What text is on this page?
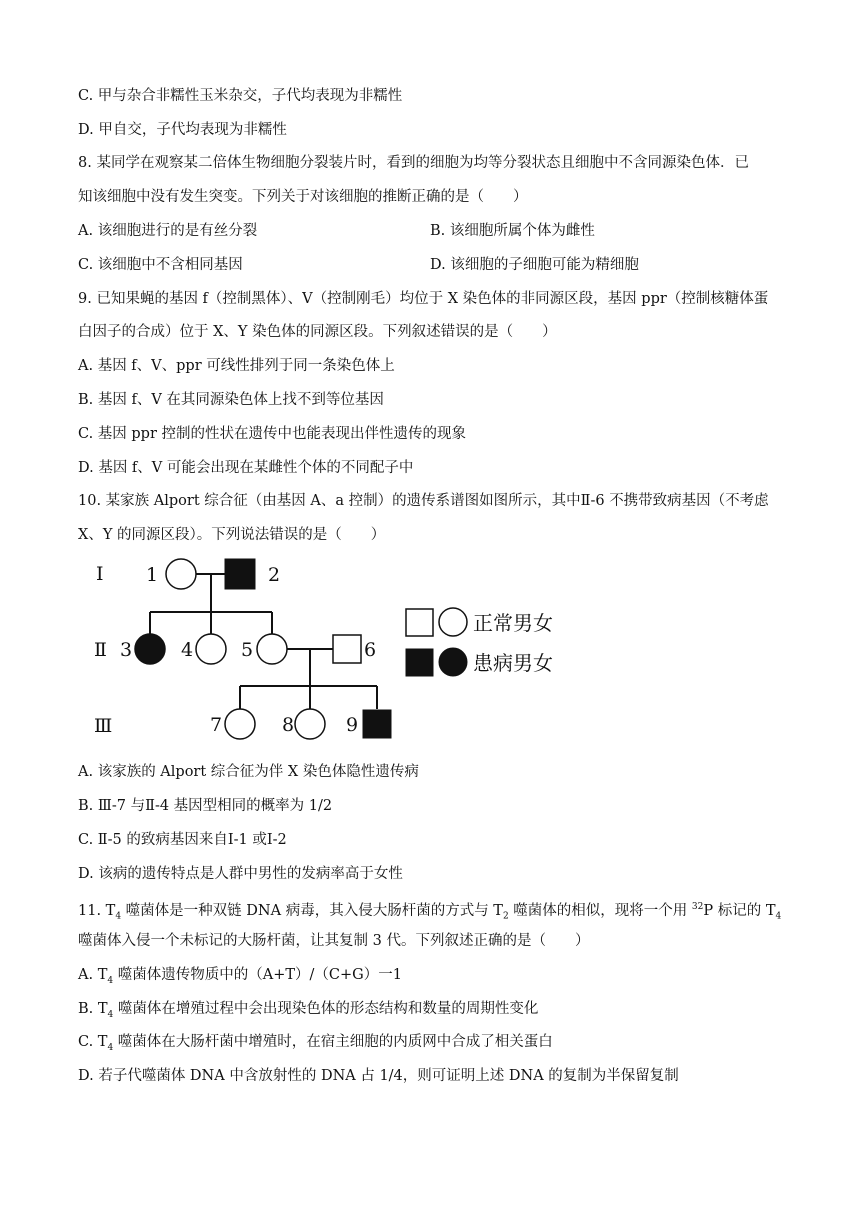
C. 甲与杂合非糯性玉米杂交，子代均表现为非糯性
D. 甲自交，子代均表现为非糯性
8. 某同学在观察某二倍体生物细胞分裂装片时，看到的细胞为均等分裂状态且细胞中不含同源染色体．已
知该细胞中没有发生突变。下列关于对该细胞的推断正确的是（　　）
A. 该细胞进行的是有丝分裂	B. 该细胞所属个体为雌性
C. 该细胞中不含相同基因	D. 该细胞的子细胞可能为精细胞
9. 已知果蝇的基因 f（控制黑体）、V（控制刚毛）均位于 X 染色体的非同源区段，基因 ppr（控制核糖体蛋
白因子的合成）位于 X、Y 染色体的同源区段。下列叙述错误的是（　　）
A. 基因 f、V、ppr 可线性排列于同一条染色体上
B. 基因 f、V 在其同源染色体上找不到等位基因
C. 基因 ppr 控制的性状在遗传中也能表现出伴性遗传的现象
D. 基因 f、V 可能会出现在某雌性个体的不同配子中
10. 某家族 Alport 综合征（由基因 A、a 控制）的遗传系谱图如图所示，其中Ⅱ-6 不携带致病基因（不考虑
X、Y 的同源区段）。下列说法错误的是（　　）
Ⅰ
Ⅱ
Ⅲ
1	2
3	4	5	6
7	8	9
正常男女
患病男女
A. 该家族的 Alport 综合征为伴 X 染色体隐性遗传病
B. Ⅲ-7 与Ⅱ-4 基因型相同的概率为 1/2
C. Ⅱ-5 的致病基因来自Ⅰ-1 或Ⅰ-2
D. 该病的遗传特点是人群中男性的发病率高于女性
11. $T_4$ 噬菌体是一种双链 DNA 病毒，其入侵大肠杆菌的方式与 $T_2$ 噬菌体的相似，现将一个用 $^{32}$P 标记的 $T_4$
噬菌体入侵一个未标记的大肠杆菌，让其复制 3 代。下列叙述正确的是（　　）
A. $T_4$ 噬菌体遗传物质中的（A+T）/（C+G）一1
B. $T_4$ 噬菌体在增殖过程中会出现染色体的形态结构和数量的周期性变化
C. $T_4$ 噬菌体在大肠杆菌中增殖时，在宿主细胞的内质网中合成了相关蛋白
D. 若子代噬菌体 DNA 中含放射性的 DNA 占 1/4，则可证明上述 DNA 的复制为半保留复制
